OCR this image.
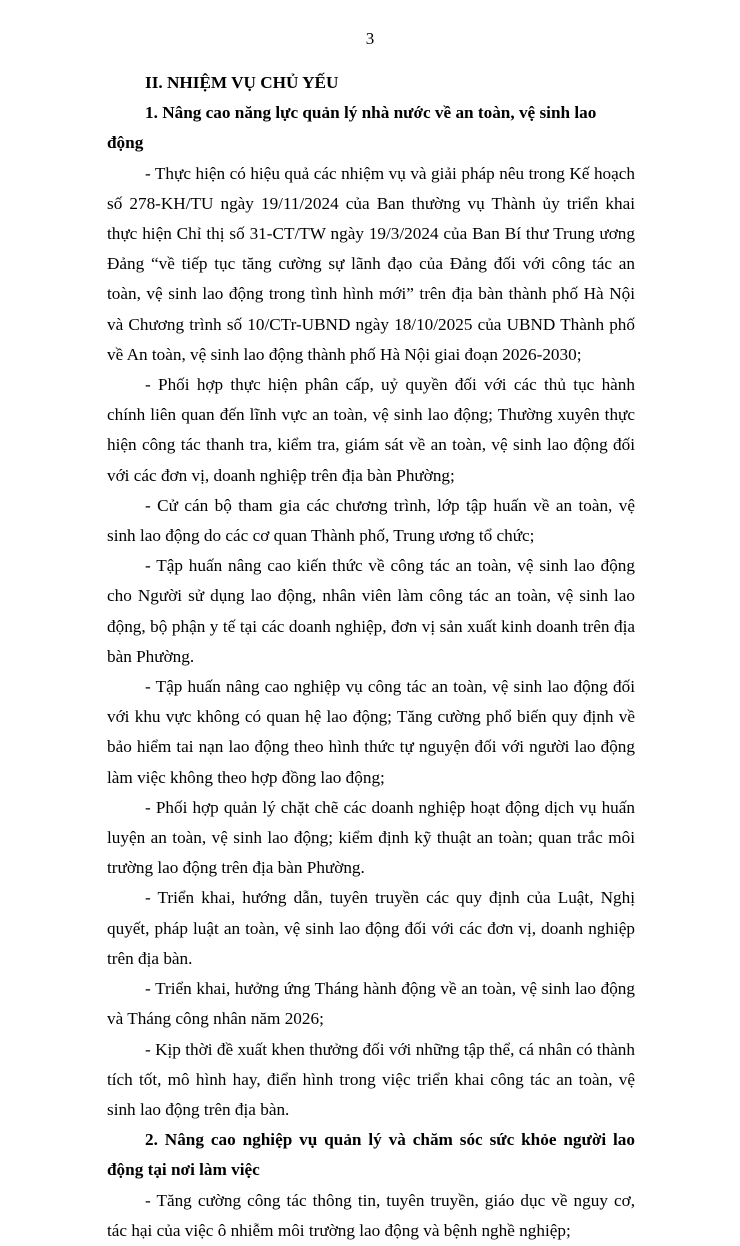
3

II. NHIỆM VỤ CHỦ YẾU

1. Nâng cao năng lực quản lý nhà nước về an toàn, vệ sinh lao động

- Thực hiện có hiệu quả các nhiệm vụ và giải pháp nêu trong Kế hoạch số 278-KH/TU ngày 19/11/2024 của Ban thường vụ Thành ủy triển khai thực hiện Chỉ thị số 31-CT/TW ngày 19/3/2024 của Ban Bí thư Trung ương Đảng “về tiếp tục tăng cường sự lãnh đạo của Đảng đối với công tác an toàn, vệ sinh lao động trong tình hình mới” trên địa bàn thành phố Hà Nội và Chương trình số 10/CTr-UBND ngày 18/10/2025 của UBND Thành phố về An toàn, vệ sinh lao động thành phố Hà Nội giai đoạn 2026-2030;

- Phối hợp thực hiện phân cấp, uỷ quyền đối với các thủ tục hành chính liên quan đến lĩnh vực an toàn, vệ sinh lao động; Thường xuyên thực hiện công tác thanh tra, kiểm tra, giám sát về an toàn, vệ sinh lao động đối với các đơn vị, doanh nghiệp trên địa bàn Phường;

- Cử cán bộ tham gia các chương trình, lớp tập huấn về an toàn, vệ sinh lao động do các cơ quan Thành phố, Trung ương tổ chức;

- Tập huấn nâng cao kiến thức về công tác an toàn, vệ sinh lao động cho Người sử dụng lao động, nhân viên làm công tác an toàn, vệ sinh lao động, bộ phận y tế tại các doanh nghiệp, đơn vị sản xuất kinh doanh trên địa bàn Phường.

- Tập huấn nâng cao nghiệp vụ công tác an toàn, vệ sinh lao động đối với khu vực không có quan hệ lao động; Tăng cường phổ biến quy định về bảo hiểm tai nạn lao động theo hình thức tự nguyện đối với người lao động làm việc không theo hợp đồng lao động;

- Phối hợp quản lý chặt chẽ các doanh nghiệp hoạt động dịch vụ huấn luyện an toàn, vệ sinh lao động; kiểm định kỹ thuật an toàn; quan trắc môi trường lao động trên địa bàn Phường.

- Triển khai, hướng dẫn, tuyên truyền các quy định của Luật, Nghị quyết, pháp luật an toàn, vệ sinh lao động đối với các đơn vị, doanh nghiệp trên địa bàn.

- Triển khai, hưởng ứng Tháng hành động về an toàn, vệ sinh lao động và Tháng công nhân năm 2026;

- Kịp thời đề xuất khen thưởng đối với những tập thể, cá nhân có thành tích tốt, mô hình hay, điển hình trong việc triển khai công tác an toàn, vệ sinh lao động trên địa bàn.

2. Nâng cao nghiệp vụ quản lý và chăm sóc sức khỏe người lao động tại nơi làm việc

- Tăng cường công tác thông tin, tuyên truyền, giáo dục về nguy cơ, tác hại của việc ô nhiễm môi trường lao động và bệnh nghề nghiệp;
